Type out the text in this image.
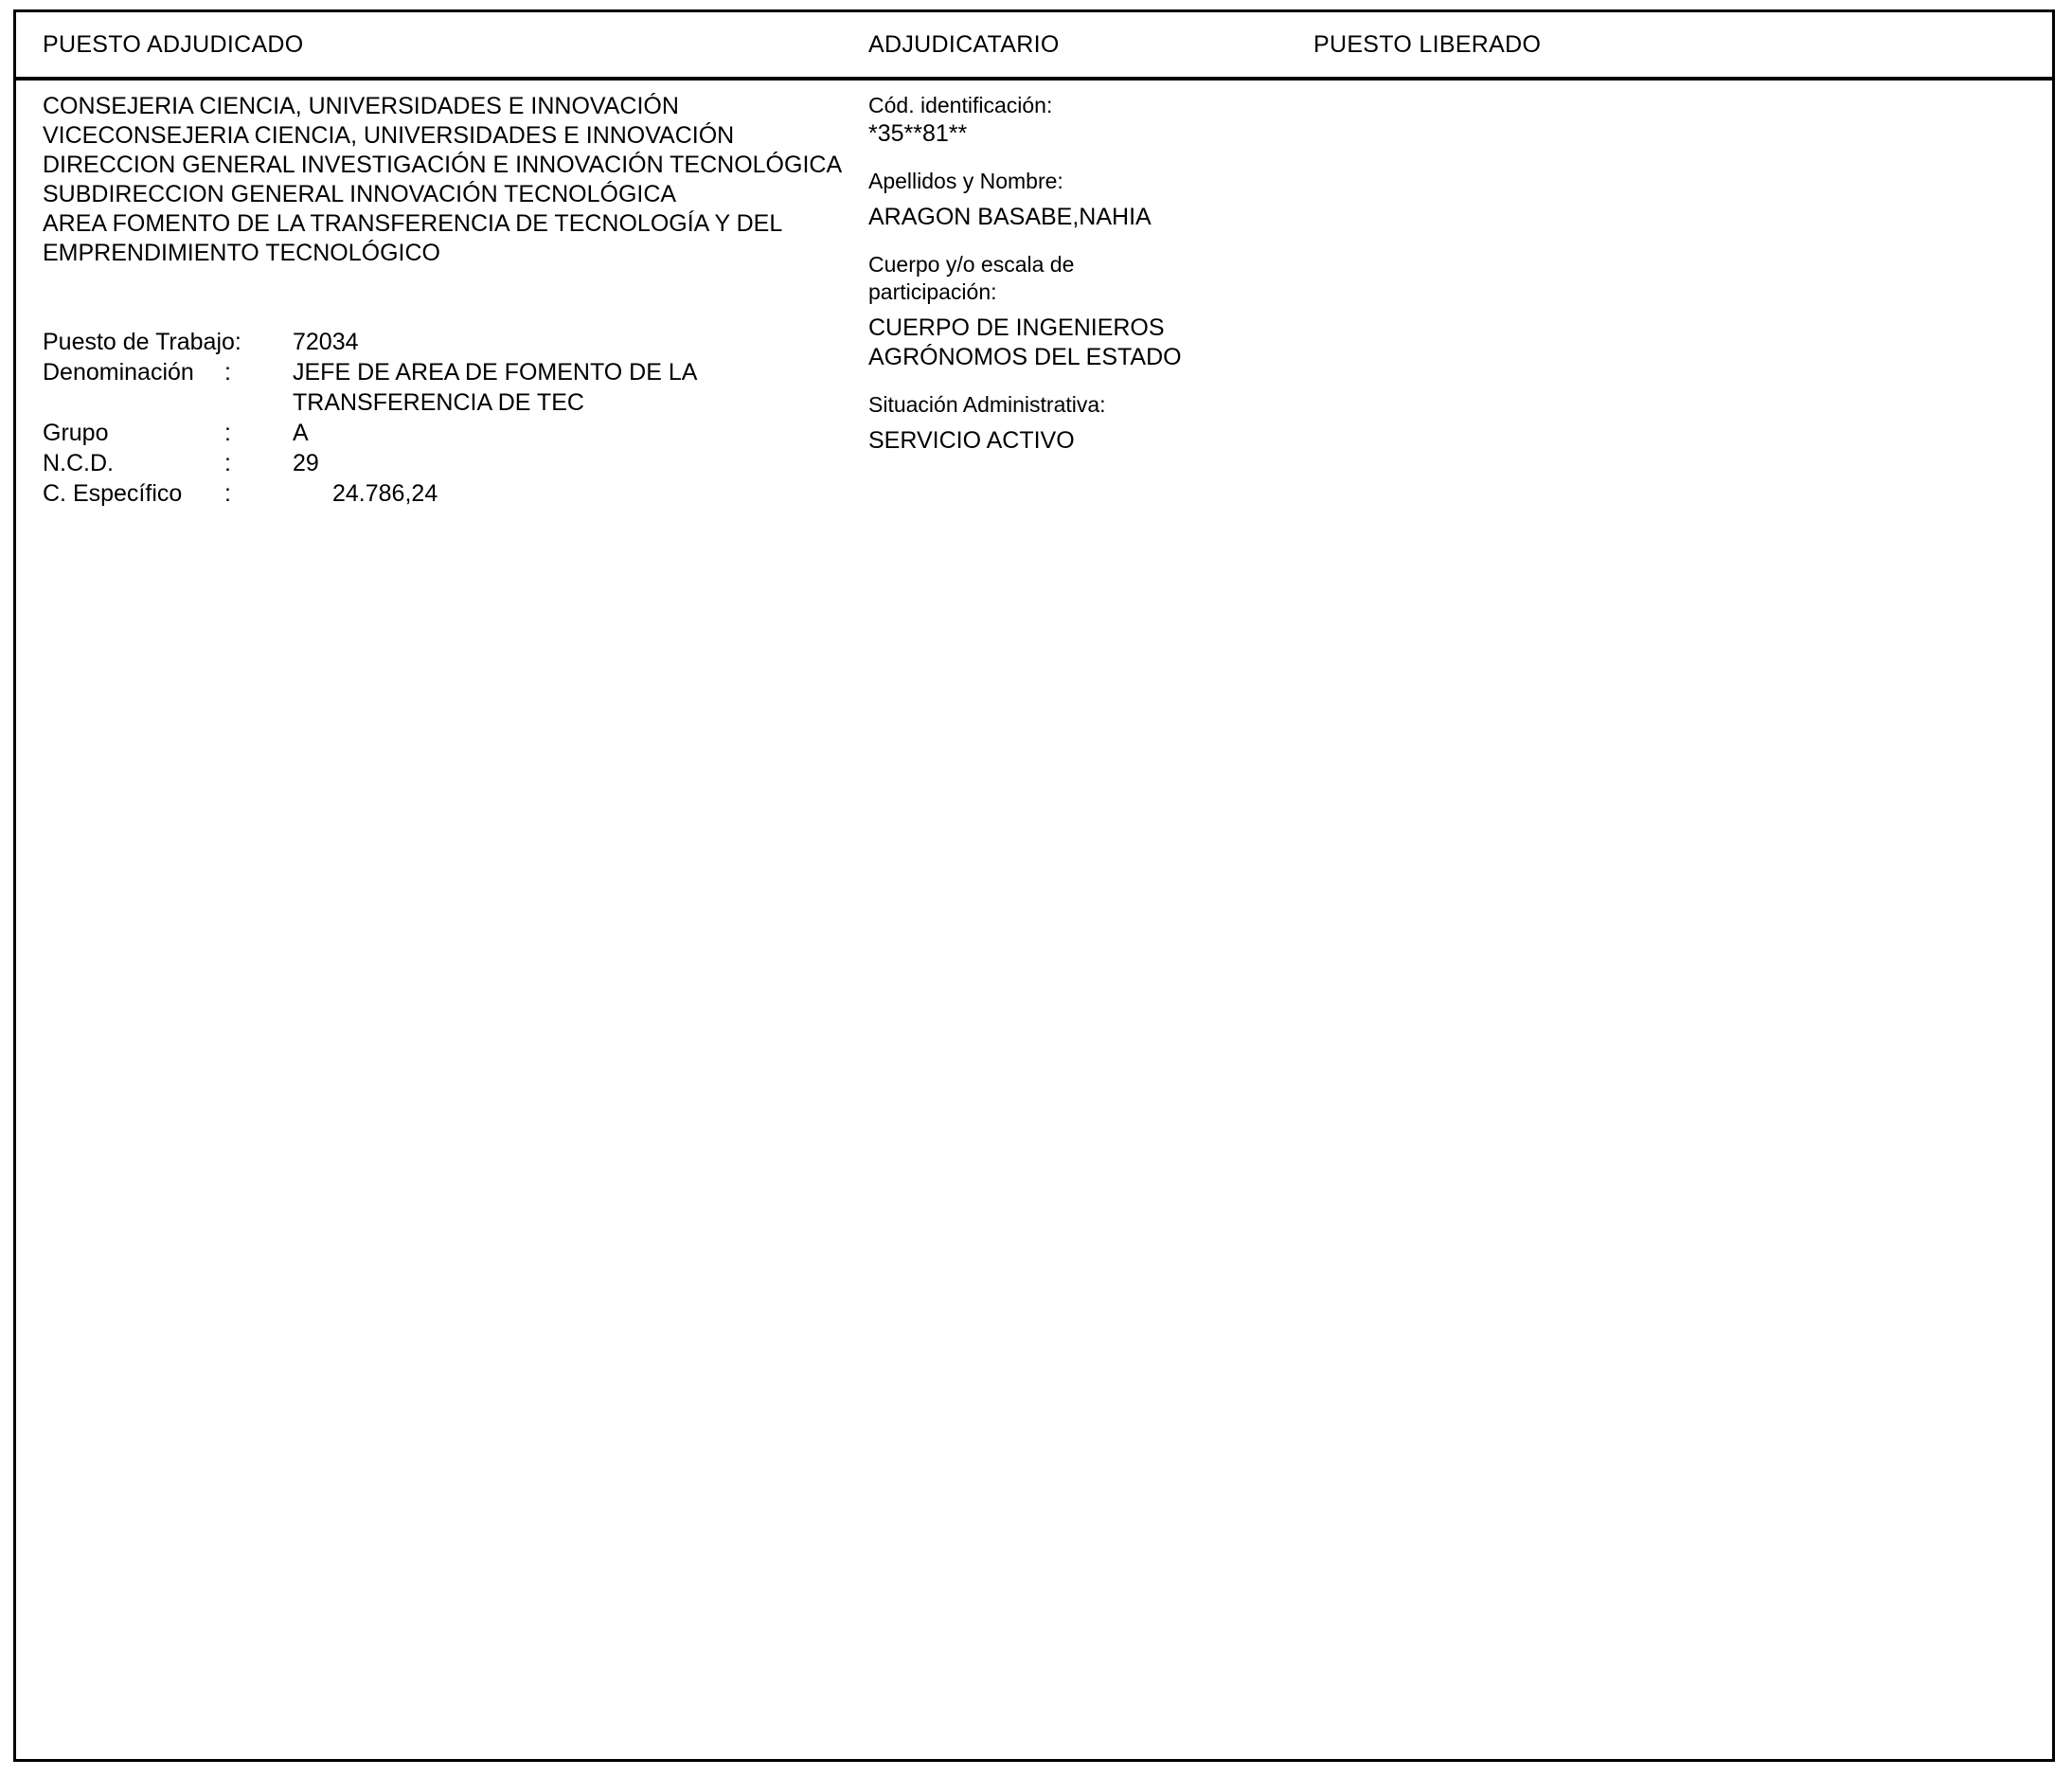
PUESTO ADJUDICADO	ADJUDICATARIO	PUESTO LIBERADO
CONSEJERIA CIENCIA, UNIVERSIDADES E INNOVACIÓN
VICECONSEJERIA CIENCIA, UNIVERSIDADES E INNOVACIÓN
DIRECCION GENERAL INVESTIGACIÓN E INNOVACIÓN TECNOLÓGICA
SUBDIRECCION GENERAL INNOVACIÓN TECNOLÓGICA
AREA FOMENTO DE LA TRANSFERENCIA DE TECNOLOGÍA Y DEL EMPRENDIMIENTO TECNOLÓGICO
Puesto de Trabajo:	72034
Denominación	:	JEFE DE AREA DE FOMENTO DE LA TRANSFERENCIA DE TEC
Grupo	:	A
N.C.D.	:	29
C. Específico	:	24.786,24
Cód. identificación:
*35**81**
Apellidos y Nombre:
ARAGON BASABE,NAHIA
Cuerpo y/o escala de
participación:
CUERPO DE INGENIEROS
AGRÓNOMOS DEL ESTADO
Situación Administrativa:
SERVICIO ACTIVO
